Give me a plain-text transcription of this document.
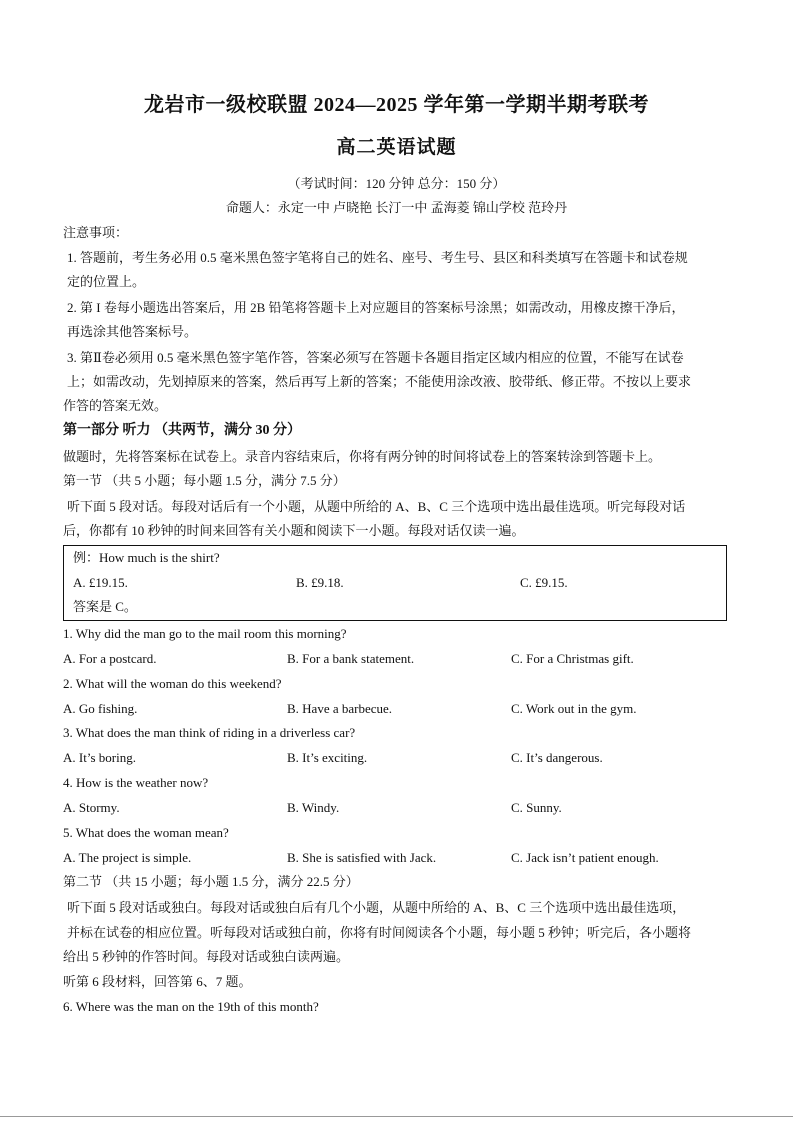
龙岩市一级校联盟 2024—2025 学年第一学期半期考联考
高二英语试题
（考试时间：120 分钟 总分：150 分）
命题人：永定一中 卢晓艳 长汀一中 孟海菱 锦山学校 范玲丹
注意事项：
1. 答题前，考生务必用 0.5 毫米黑色签字笔将自己的姓名、座号、考生号、县区和科类填写在答题卡和试卷规
定的位置上。
2. 第 I 卷每小题选出答案后，用 2B 铅笔将答题卡上对应题目的答案标号涂黑；如需改动，用橡皮擦干净后，
再选涂其他答案标号。
3. 第Ⅱ卷必须用 0.5 毫米黑色签字笔作答，答案必须写在答题卡各题目指定区域内相应的位置，不能写在试卷
上；如需改动，先划掉原来的答案，然后再写上新的答案；不能使用涂改液、胶带纸、修正带。不按以上要求
作答的答案无效。
第一部分 听力 （共两节，满分 30 分）
做题时，先将答案标在试卷上。录音内容结束后，你将有两分钟的时间将试卷上的答案转涂到答题卡上。
第一节 （共 5 小题；每小题 1.5 分，满分 7.5 分）
听下面 5 段对话。每段对话后有一个小题，从题中所给的 A、B、C 三个选项中选出最佳选项。听完每段对话
后，你都有 10 秒钟的时间来回答有关小题和阅读下一小题。每段对话仅读一遍。
例：How much is the shirt?
A. £19.15.	B. £9.18.	C. £9.15.
答案是 C。
1. Why did the man go to the mail room this morning?
A. For a postcard.	B. For a bank statement.	C. For a Christmas gift.
2. What will the woman do this weekend?
A. Go fishing.	B. Have a barbecue.	C. Work out in the gym.
3. What does the man think of riding in a driverless car?
A. It’s boring.	B. It’s exciting.	C. It’s dangerous.
4. How is the weather now?
A. Stormy.	B. Windy.	C. Sunny.
5. What does the woman mean?
A. The project is simple.	B. She is satisfied with Jack.	C. Jack isn’t patient enough.
第二节 （共 15 小题；每小题 1.5 分，满分 22.5 分）
听下面 5 段对话或独白。每段对话或独白后有几个小题，从题中所给的 A、B、C 三个选项中选出最佳选项，
并标在试卷的相应位置。听每段对话或独白前，你将有时间阅读各个小题，每小题 5 秒钟；听完后，各小题将
给出 5 秒钟的作答时间。每段对话或独白读两遍。
听第 6 段材料，回答第 6、7 题。
6. Where was the man on the 19th of this month?
